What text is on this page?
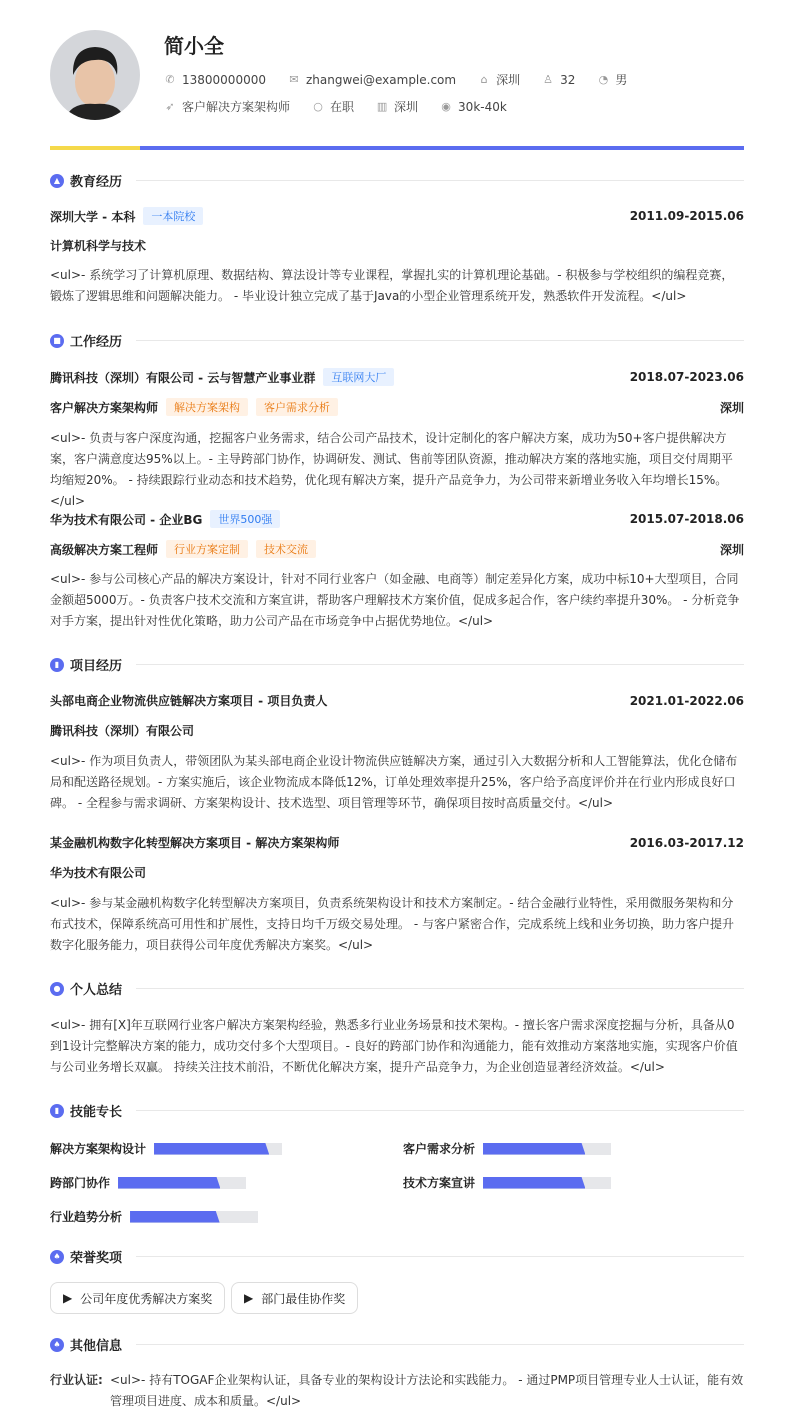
简小全
✆ 13800000000 ✉ zhangwei@example.com ⌂ 深圳 ♙ 32 ◔ 男
➶ 客户解决方案架构师 ○ 在职 ▥ 深圳 ◉ 30k-40k
▲ 教育经历
深圳大学 - 本科	一本院校	2011.09-2015.06
计算机科学与技术
<ul>- 系统学习了计算机原理、数据结构、算法设计等专业课程，掌握扎实的计算机理论基础。- 积极参与学校组织的编程竞赛，锻炼了逻辑思维和问题解决能力。 - 毕业设计独立完成了基于Java的小型企业管理系统开发，熟悉软件开发流程。</ul>
■ 工作经历
腾讯科技（深圳）有限公司 - 云与智慧产业事业群	互联网大厂	2018.07-2023.06
客户解决方案架构师	解决方案架构	客户需求分析	深圳
<ul>- 负责与客户深度沟通，挖掘客户业务需求，结合公司产品技术，设计定制化的客户解决方案，成功为50+客户提供解决方案，客户满意度达95%以上。- 主导跨部门协作，协调研发、测试、售前等团队资源，推动解决方案的落地实施，项目交付周期平均缩短20%。 - 持续跟踪行业动态和技术趋势，优化现有解决方案，提升产品竞争力，为公司带来新增业务收入年均增长15%。</ul>
华为技术有限公司 - 企业BG	世界500强	2015.07-2018.06
高级解决方案工程师	行业方案定制	技术交流	深圳
<ul>- 参与公司核心产品的解决方案设计，针对不同行业客户（如金融、电商等）制定差异化方案，成功中标10+大型项目，合同金额超5000万。- 负责客户技术交流和方案宣讲，帮助客户理解技术方案价值，促成多起合作，客户续约率提升30%。 - 分析竞争对手方案，提出针对性优化策略，助力公司产品在市场竞争中占据优势地位。</ul>
▮ 项目经历
头部电商企业物流供应链解决方案项目 - 项目负责人	2021.01-2022.06
腾讯科技（深圳）有限公司
<ul>- 作为项目负责人，带领团队为某头部电商企业设计物流供应链解决方案，通过引入大数据分析和人工智能算法，优化仓储布局和配送路径规划。- 方案实施后，该企业物流成本降低12%，订单处理效率提升25%，客户给予高度评价并在行业内形成良好口碑。 - 全程参与需求调研、方案架构设计、技术选型、项目管理等环节，确保项目按时高质量交付。</ul>
某金融机构数字化转型解决方案项目 - 解决方案架构师	2016.03-2017.12
华为技术有限公司
<ul>- 参与某金融机构数字化转型解决方案项目，负责系统架构设计和技术方案制定。- 结合金融行业特性，采用微服务架构和分布式技术，保障系统高可用性和扩展性，支持日均千万级交易处理。 - 与客户紧密合作，完成系统上线和业务切换，助力客户提升数字化服务能力，项目获得公司年度优秀解决方案奖。</ul>
● 个人总结
<ul>- 拥有[X]年互联网行业客户解决方案架构经验，熟悉多行业业务场景和技术架构。- 擅长客户需求深度挖掘与分析，具备从0到1设计完整解决方案的能力，成功交付多个大型项目。- 良好的跨部门协作和沟通能力，能有效推动方案落地实施，实现客户价值与公司业务增长双赢。 持续关注技术前沿，不断优化解决方案，提升产品竞争力，为企业创造显著经济效益。</ul>
▮ 技能专长
解决方案架构设计	客户需求分析
跨部门协作	技术方案宣讲
行业趋势分析
♠ 荣誉奖项
▶ 公司年度优秀解决方案奖	▶ 部门最佳协作奖
♠ 其他信息
行业认证: <ul>- 持有TOGAF企业架构认证，具备专业的架构设计方法论和实践能力。 - 通过PMP项目管理专业人士认证，能有效管理项目进度、成本和质量。</ul>
